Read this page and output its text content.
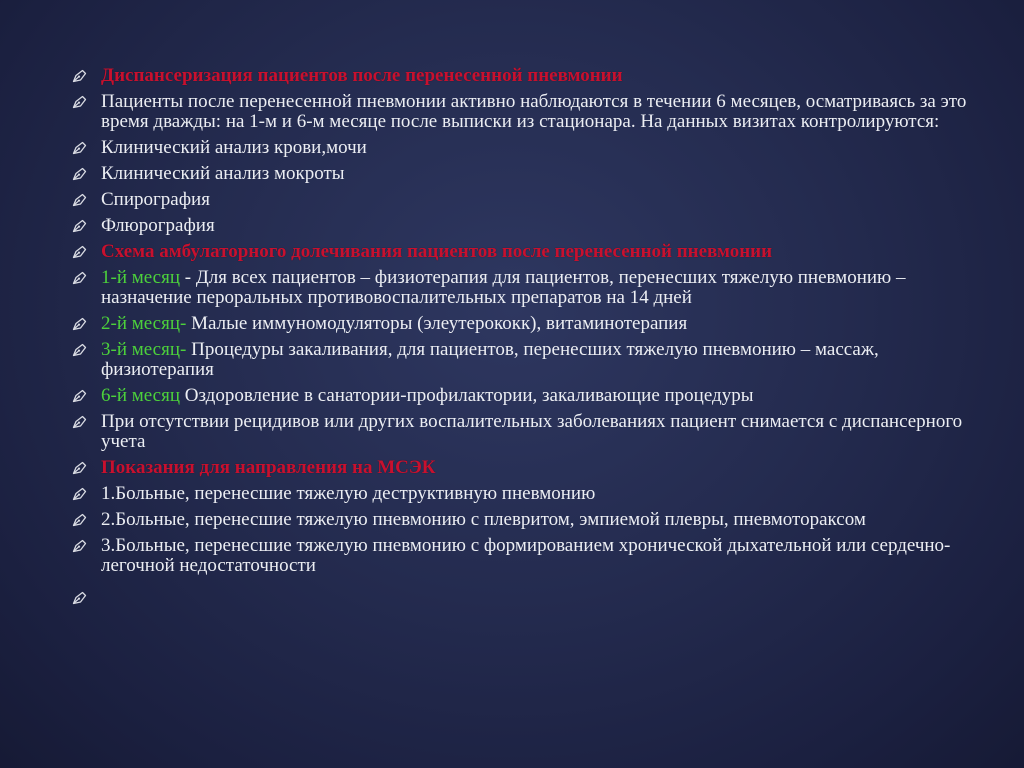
Диспансеризация пациентов после перенесенной пневмонии
Пациенты после перенесенной пневмонии активно наблюдаются в течении 6 месяцев, осматриваясь за это время дважды: на 1-м и 6-м месяце после выписки из стационара. На данных визитах контролируются:
Клинический анализ крови,мочи
Клинический анализ мокроты
Спирография
Флюрография
Схема амбулаторного долечивания пациентов после перенесенной пневмонии
1-й месяц - Для всех пациентов – физиотерапия для пациентов, перенесших тяжелую пневмонию – назначение пероральных противовоспалительных препаратов на 14 дней
2-й месяц- Малые иммуномодуляторы (элеутерококк), витаминотерапия
3-й месяц- Процедуры закаливания, для пациентов, перенесших тяжелую пневмонию – массаж, физиотерапия
6-й месяц Оздоровление в санатории-профилактории, закаливающие процедуры
При отсутствии рецидивов или других воспалительных заболеваниях пациент снимается с диспансерного учета
Показания для направления на МСЭК
1.Больные, перенесшие тяжелую деструктивную пневмонию
2.Больные, перенесшие тяжелую пневмонию с плевритом, эмпиемой плевры, пневмотораксом
3.Больные, перенесшие тяжелую пневмонию с формированием хронической дыхательной или сердечно-легочной недостаточности
